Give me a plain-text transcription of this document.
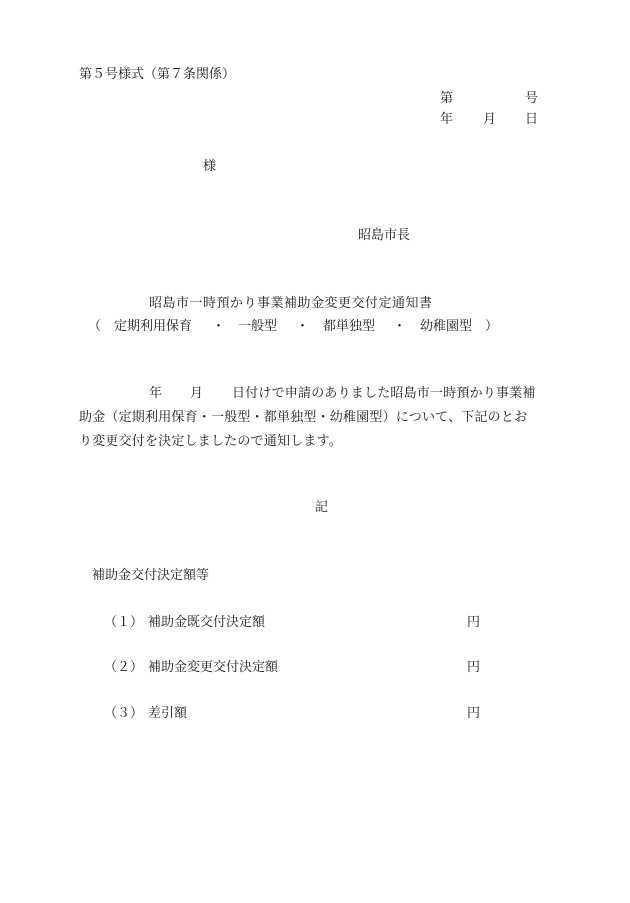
第５号様式（第７条関係）
第	号
年 月 日
様
昭島市長
昭島市一時預かり事業補助金変更交付定通知書
（ 定期利用保育 ・ 一般型 ・ 都単独型 ・ 幼稚園型 ）
年 月 日付けで申請のありました昭島市一時預かり事業補
助金（定期利用保育・一般型・都単独型・幼稚園型）について、下記のとお
り変更交付を決定しましたので通知します。
記
補助金交付決定額等
（１） 補助金既交付決定額	円
（２） 補助金変更交付決定額	円
（３） 差引額	円
